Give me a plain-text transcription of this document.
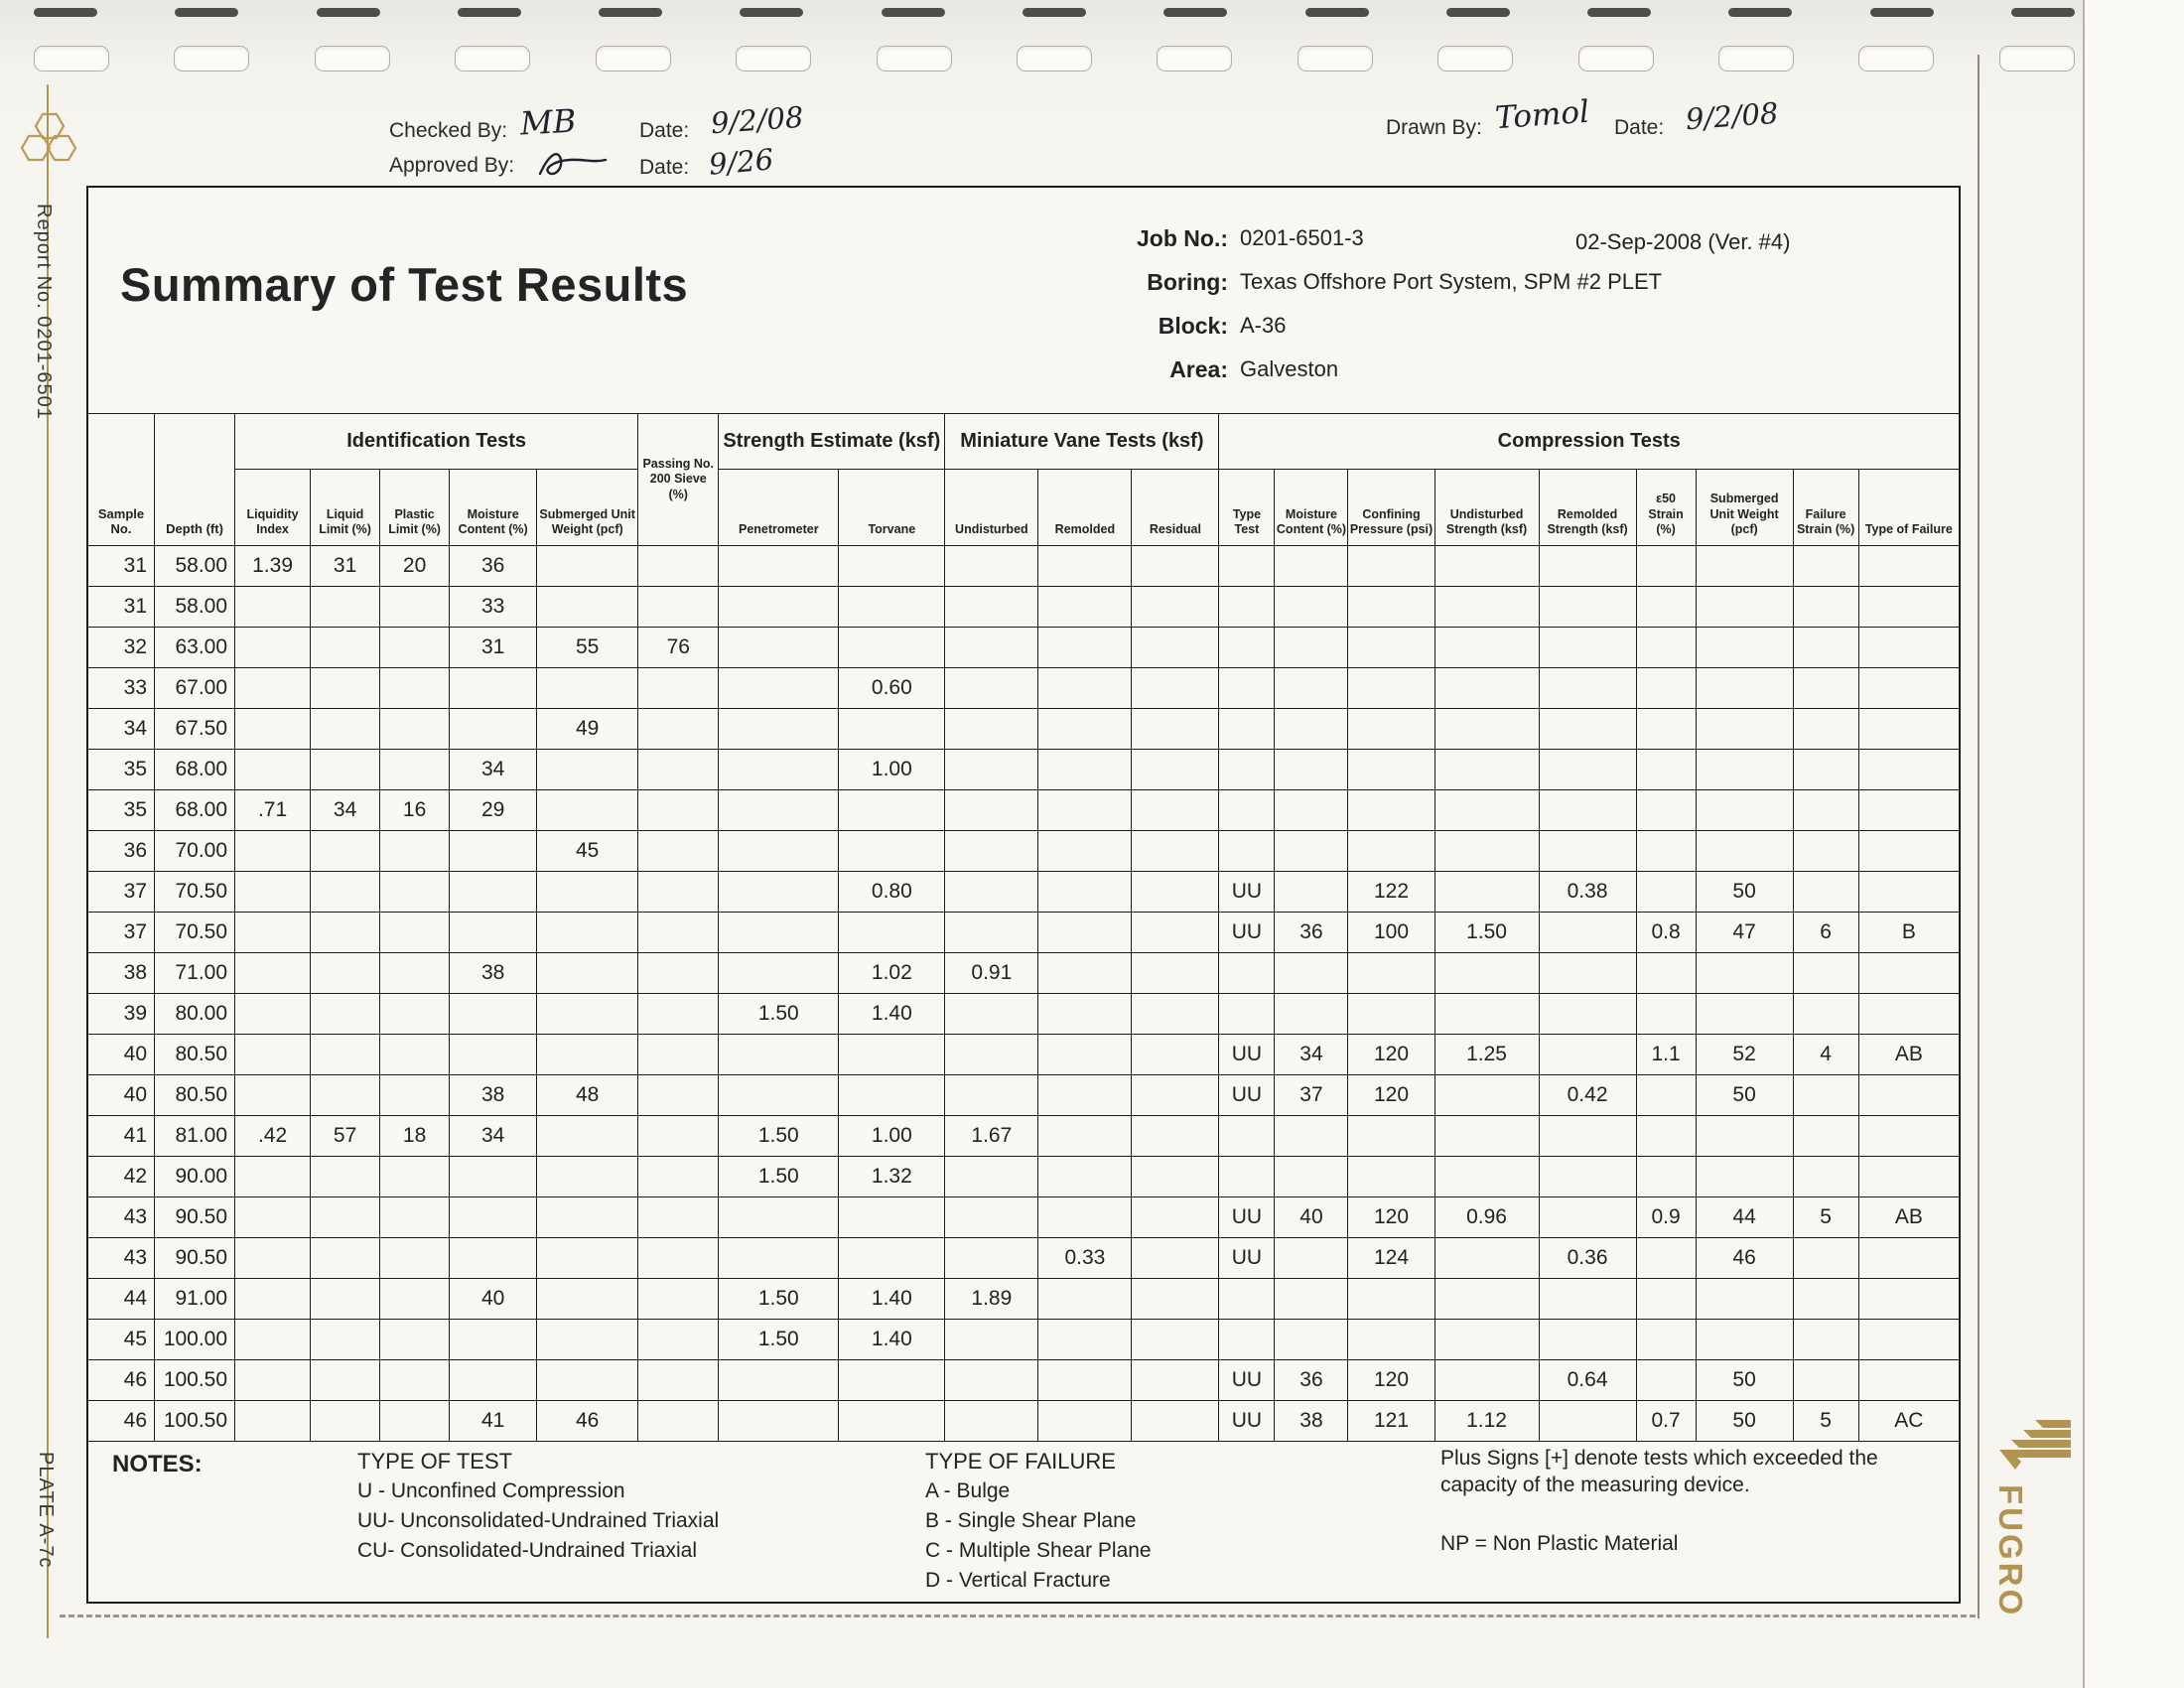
Report No. 0201-6501
PLATE A-7c
Checked By: MB	Date: 9/2/08
Approved By:	Date: 9/26
Drawn By: Tomol Date: 9/2/08
Summary of Test Results
Job No.: 0201-6501-3
Boring: Texas Offshore Port System, SPM #2 PLET
Block: A-36
Area: Galveston
02-Sep-2008 (Ver. #4)
Sample No.	Depth (ft)	Identification Tests					Passing No. 200 Sieve (%)	Strength Estimate (ksf)		Miniature Vane Tests (ksf)			Compression Tests								
		Liquidity Index	Liquid Limit (%)	Plastic Limit (%)	Moisture Content (%)	Submerged Unit Weight (pcf)		Penetrometer	Torvane	Undisturbed	Remolded	Residual	Type Test	Moisture Content (%)	Confining Pressure (psi)	Undisturbed Strength (ksf)	Remolded Strength (ksf)	ε50 Strain (%)	Submerged Unit Weight (pcf)	Failure Strain (%)	Type of Failure
31	58.00	1.39	31	20	36																
31	58.00				33																
32	63.00				31	55	76														
33	67.00								0.60												
34	67.50					49															
35	68.00				34				1.00												
35	68.00	.71	34	16	29																
36	70.00					45															
37	70.50								0.80				UU		122		0.38		50		
37	70.50												UU	36	100	1.50		0.8	47	6	B
38	71.00				38				1.02	0.91											
39	80.00							1.50	1.40												
40	80.50												UU	34	120	1.25		1.1	52	4	AB
40	80.50				38	48							UU	37	120		0.42		50		
41	81.00	.42	57	18	34			1.50	1.00	1.67											
42	90.00							1.50	1.32												
43	90.50												UU	40	120	0.96		0.9	44	5	AB
43	90.50										0.33		UU		124		0.36		46		
44	91.00				40			1.50	1.40	1.89											
45	100.00							1.50	1.40												
46	100.50												UU	36	120		0.64		50		
46	100.50				41	46							UU	38	121	1.12		0.7	50	5	AC
NOTES:	TYPE OF TEST
U - Unconfined Compression
UU- Unconsolidated-Undrained Triaxial
CU- Consolidated-Undrained Triaxial
TYPE OF FAILURE
A - Bulge
B - Single Shear Plane
C - Multiple Shear Plane
D - Vertical Fracture
Plus Signs [+] denote tests which exceeded the capacity of the measuring device.
NP = Non Plastic Material	FUGRO
